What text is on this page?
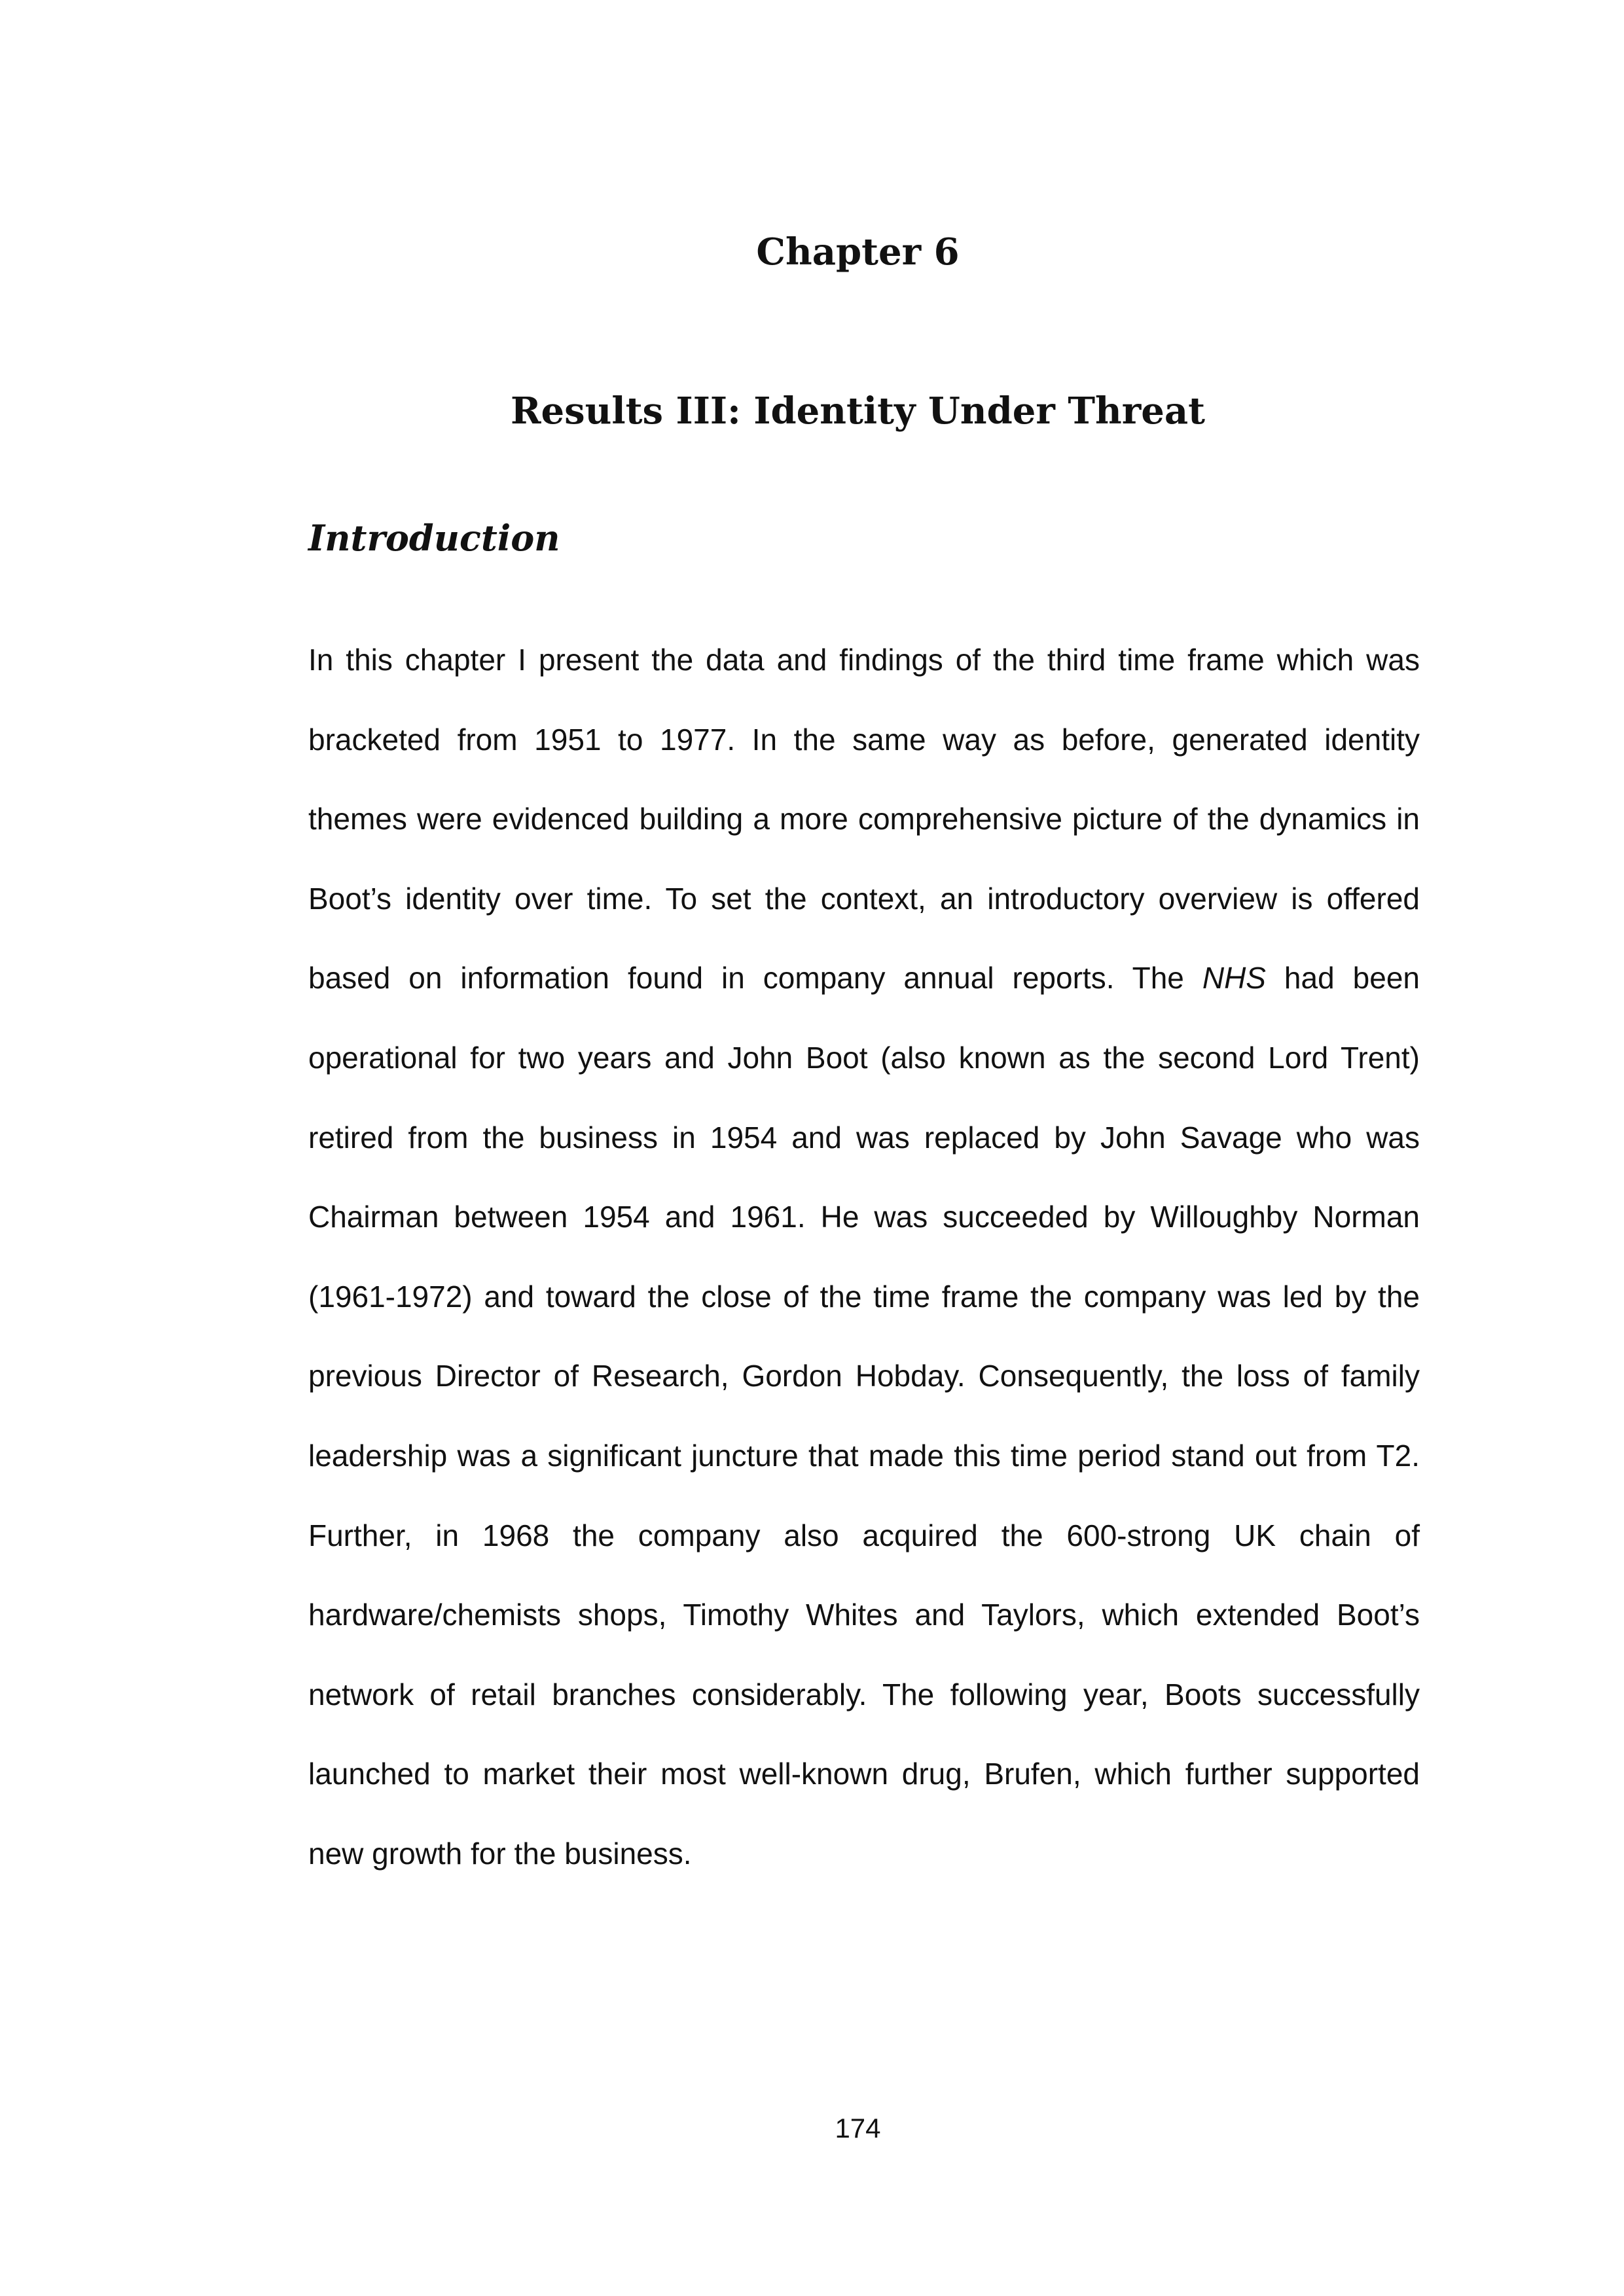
Chapter 6
Results III: Identity Under Threat
Introduction
In this chapter I present the data and findings of the third time frame which was
bracketed from 1951 to 1977. In the same way as before, generated identity
themes were evidenced building a more comprehensive picture of the dynamics in
Boot’s identity over time. To set the context, an introductory overview is offered
based on information found in company annual reports. The NHS had been
operational for two years and John Boot (also known as the second Lord Trent)
retired from the business in 1954 and was replaced by John Savage who was
Chairman between 1954 and 1961. He was succeeded by Willoughby Norman
(1961-1972) and toward the close of the time frame the company was led by the
previous Director of Research, Gordon Hobday. Consequently, the loss of family
leadership was a significant juncture that made this time period stand out from T2.
Further, in 1968 the company also acquired the 600-strong UK chain of
hardware/chemists shops, Timothy Whites and Taylors, which extended Boot’s
network of retail branches considerably. The following year, Boots successfully
launched to market their most well-known drug, Brufen, which further supported
new growth for the business.
174
